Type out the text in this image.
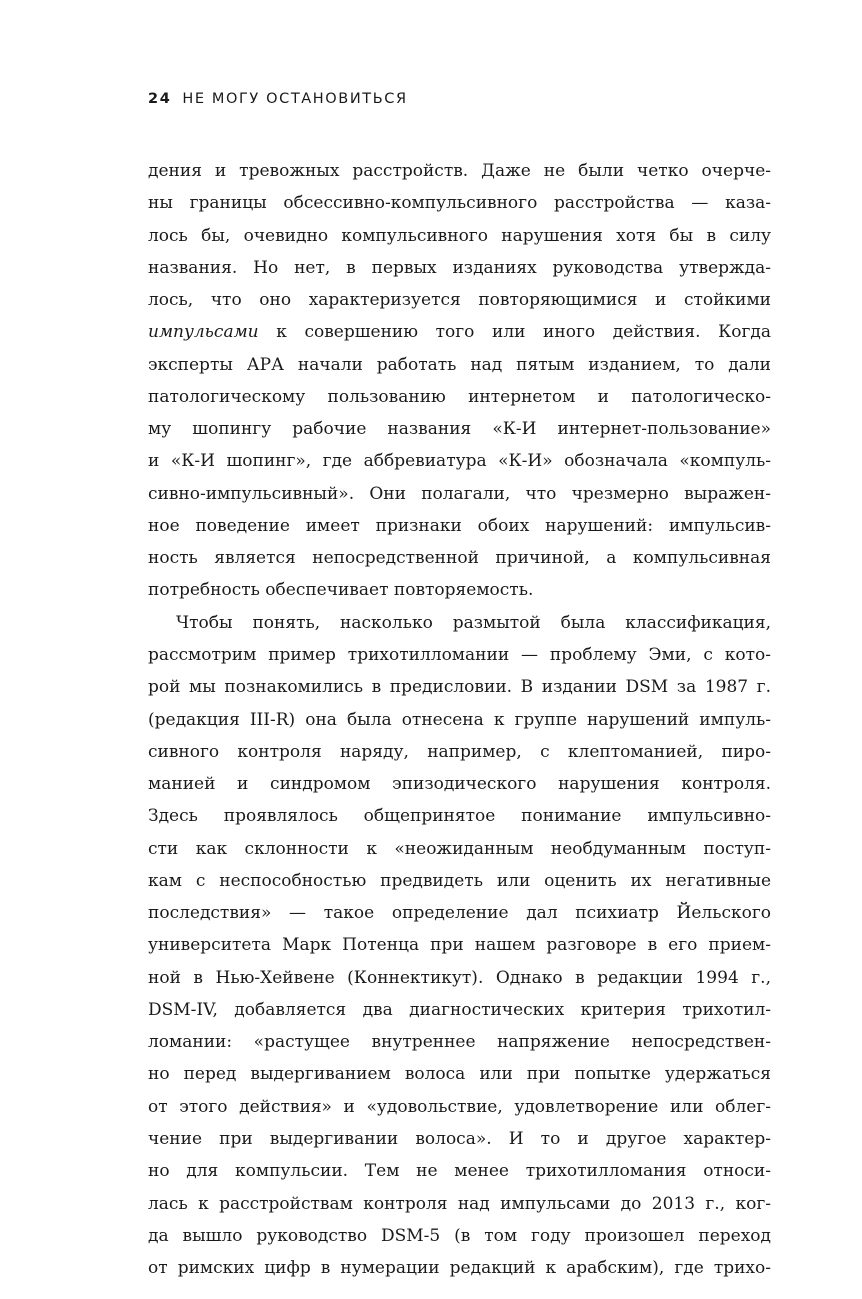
24 НЕ МОГУ ОСТАНОВИТЬСЯ
дения и тревожных расстройств. Даже не были четко очерче-
ны границы обсессивно-компульсивного расстройства — каза-
лось бы, очевидно компульсивного нарушения хотя бы в силу
названия. Но нет, в первых изданиях руководства утвержда-
лось, что оно характеризуется повторяющимися и стойкими
импульсами к совершению того или иного действия. Когда
эксперты АРА начали работать над пятым изданием, то дали
патологическому пользованию интернетом и патологическо-
му шопингу рабочие названия «К-И интернет-пользование»
и «К-И шопинг», где аббревиатура «К-И» обозначала «компуль-
сивно-импульсивный». Они полагали, что чрезмерно выражен-
ное поведение имеет признаки обоих нарушений: импульсив-
ность является непосредственной причиной, а компульсивная
потребность обеспечивает повторяемость.
Чтобы понять, насколько размытой была классификация,
рассмотрим пример трихотилломании — проблему Эми, с кото-
рой мы познакомились в предисловии. В издании DSM за 1987 г.
(редакция III-R) она была отнесена к группе нарушений импуль-
сивного контроля наряду, например, с клептоманией, пиро-
манией и синдромом эпизодического нарушения контроля.
Здесь проявлялось общепринятое понимание импульсивно-
сти как склонности к «неожиданным необдуманным поступ-
кам с неспособностью предвидеть или оценить их негативные
последствия» — такое определение дал психиатр Йельского
университета Марк Потенца при нашем разговоре в его прием-
ной в Нью-Хейвене (Коннектикут). Однако в редакции 1994 г.,
DSM-IV, добавляется два диагностических критерия трихотил-
ломании: «растущее внутреннее напряжение непосредствен-
но перед выдергиванием волоса или при попытке удержаться
от этого действия» и «удовольствие, удовлетворение или облег-
чение при выдергивании волоса». И то и другое характер-
но для компульсии. Тем не менее трихотилломания относи-
лась к расстройствам контроля над импульсами до 2013 г., ког-
да вышло руководство DSM-5 (в том году произошел переход
от римских цифр в нумерации редакций к арабским), где трихо-
